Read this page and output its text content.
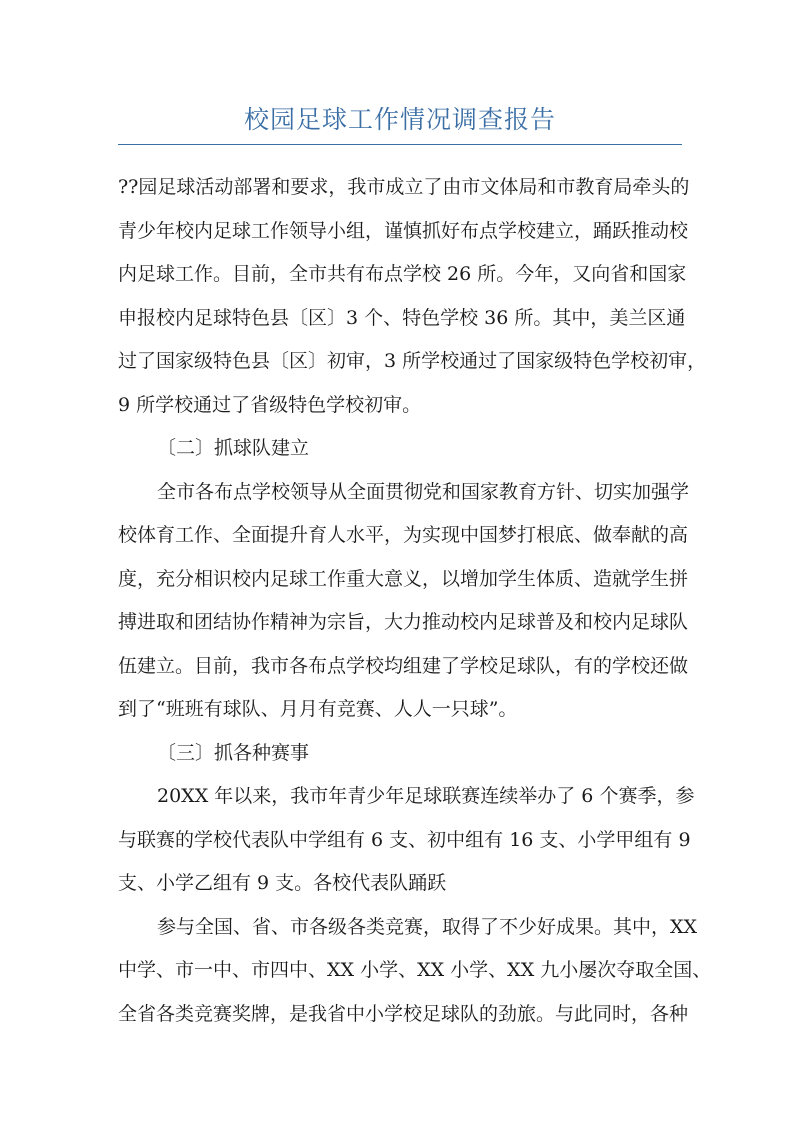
校园足球工作情况调查报告
??园足球活动部署和要求，我市成立了由市文体局和市教育局牵头的
青少年校内足球工作领导小组，谨慎抓好布点学校建立，踊跃推动校
内足球工作。目前，全市共有布点学校 26 所。今年，又向省和国家
申报校内足球特色县〔区〕3 个、特色学校 36 所。其中，美兰区通
过了国家级特色县〔区〕初审，3 所学校通过了国家级特色学校初审，
9 所学校通过了省级特色学校初审。
〔二〕抓球队建立
全市各布点学校领导从全面贯彻党和国家教育方针、切实加强学
校体育工作、全面提升育人水平，为实现中国梦打根底、做奉献的高
度，充分相识校内足球工作重大意义，以增加学生体质、造就学生拼
搏进取和团结协作精神为宗旨，大力推动校内足球普及和校内足球队
伍建立。目前，我市各布点学校均组建了学校足球队，有的学校还做
到了“班班有球队、月月有竞赛、人人一只球”。
〔三〕抓各种赛事
20XX 年以来，我市年青少年足球联赛连续举办了 6 个赛季，参
与联赛的学校代表队中学组有 6 支、初中组有 16 支、小学甲组有 9
支、小学乙组有 9 支。各校代表队踊跃
参与全国、省、市各级各类竞赛，取得了不少好成果。其中，XX
中学、市一中、市四中、XX 小学、XX 小学、XX 九小屡次夺取全国、
全省各类竞赛奖牌，是我省中小学校足球队的劲旅。与此同时，各种
